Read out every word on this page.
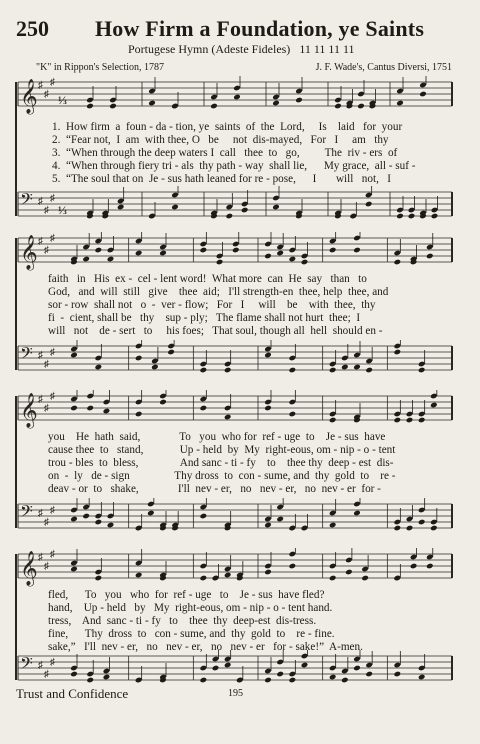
250 How Firm a Foundation, ye Saints
Portugese Hymn (Adeste Fideles) 11 11 11 11
"K" in Rippon's Selection, 1787	J. F. Wade's, Cantus Diversi, 1751
𝄞 ♯
♯
♯
⅓
1. How firm  a  foun - da - tion, ye  saints  of  the  Lord,     Is    laid   for  your
2. “Fear not,  I  am  with thee, O   be     not  dis-mayed,   For   I     am   thy
3. “When through the deep waters I  call   thee  to   go,         The  riv - ers  of
4. “When through fiery tri - als  thy path - way  shall lie,      My grace,  all - suf -
5. “The soul that on  Je - sus hath leaned for re - pose,      I       will   not,   I
𝄢 ♯
♯
♯
⅓
𝄞 ♯
♯
♯
faith   in   His  ex -  cel - lent word!  What more  can  He  say   than   to
God,   and  will  still   give    thee  aid;   I'll strength-en  thee, help  thee, and
sor - row  shall not   o  -  ver - flow;   For   I     will    be    with  thee,  thy
fi  -  cient, shall be   thy    sup - ply;   The flame shall not hurt  thee;  I
will   not    de - sert   to     his foes;   That soul, though all  hell  should en -
𝄢 ♯
♯
♯
𝄞 ♯
♯
♯
you    He  hath  said,              To   you  who for  ref - uge  to    Je - sus  have
cause thee  to   stand,             Up - held  by  My  right-eous, om - nip - o - tent
trou - bles  to  bless,               And sanc - ti - fy    to    thee thy  deep - est  dis-
on  -  ly   de - sign                Thy dross  to  con - sume, and  thy  gold  to    re -
deav - or  to   shake,              I'll  nev - er,   no   nev - er,   no  nev - er  for -
𝄢 ♯
♯
♯
𝄞 ♯
♯
♯
fled,      To   you   who  for  ref - uge   to    Je - sus  have fled?
hand,    Up - held   by   My  right-eous, om - nip - o - tent hand.
tress,    And  sanc - ti - fy   to    thee  thy  deep-est  dis-tress.
fine,      Thy  dross  to   con - sume, and  thy  gold  to    re - fine.
sake,”   I'll  nev - er,   no   nev - er,   no   nev - er   for - sake!”  A-men.
𝄢 ♯
♯
♯
Trust and Confidence	195
